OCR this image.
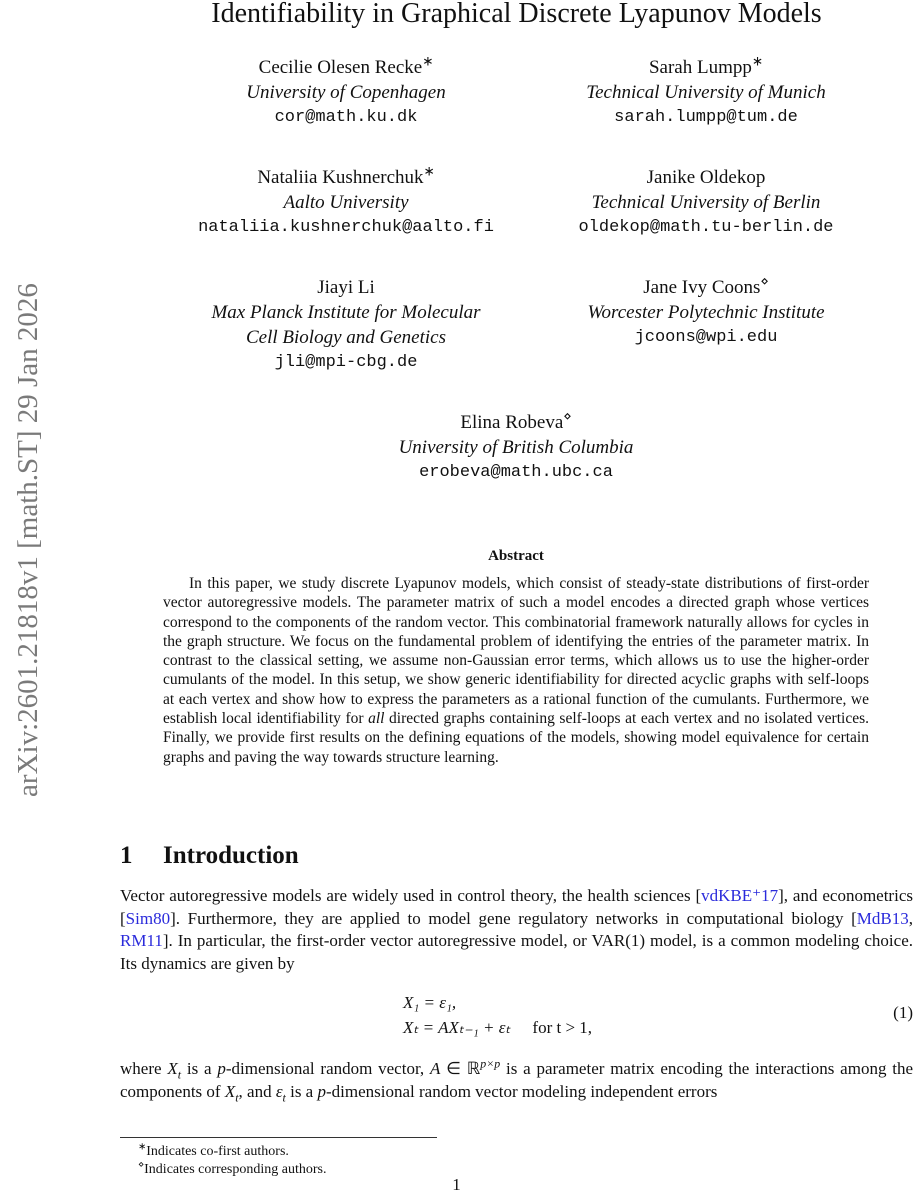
arXiv:2601.21818v1 [math.ST] 29 Jan 2026
Identifiability in Graphical Discrete Lyapunov Models
Cecilie Olesen Recke∗
University of Copenhagen
cor@math.ku.dk
Sarah Lumpp∗
Technical University of Munich
sarah.lumpp@tum.de
Nataliia Kushnerchuk∗
Aalto University
nataliia.kushnerchuk@aalto.fi
Janike Oldekop
Technical University of Berlin
oldekop@math.tu-berlin.de
Jiayi Li
Max Planck Institute for Molecular
Cell Biology and Genetics
jli@mpi-cbg.de
Jane Ivy Coons⋄
Worcester Polytechnic Institute
jcoons@wpi.edu
Elina Robeva⋄
University of British Columbia
erobeva@math.ubc.ca
Abstract
In this paper, we study discrete Lyapunov models, which consist of steady-state distributions of first-order vector autoregressive models. The parameter matrix of such a model encodes a directed graph whose vertices correspond to the components of the random vector. This combinatorial framework naturally allows for cycles in the graph structure. We focus on the fundamental problem of identifying the entries of the parameter matrix. In contrast to the classical setting, we assume non-Gaussian error terms, which allows us to use the higher-order cumulants of the model. In this setup, we show generic identifiability for directed acyclic graphs with self-loops at each vertex and show how to express the parameters as a rational function of the cumulants. Furthermore, we establish local identifiability for all directed graphs containing self-loops at each vertex and no isolated vertices. Finally, we provide first results on the defining equations of the models, showing model equivalence for certain graphs and paving the way towards structure learning.
1 Introduction
Vector autoregressive models are widely used in control theory, the health sciences [vdKBE⁺17], and econometrics [Sim80]. Furthermore, they are applied to model gene regulatory networks in computational biology [MdB13, RM11]. In particular, the first-order vector autoregressive model, or VAR(1) model, is a common modeling choice. Its dynamics are given by
X₁ = ε₁,
Xₜ = AXₜ₋₁ + εₜ for t > 1,
(1)
where $X_t$ is a p-dimensional random vector, A ∈ ℝ$^{p\times p}$ is a parameter matrix encoding the interactions among the components of $X_t$, and $\varepsilon_t$ is a p-dimensional random vector modeling independent errors
∗Indicates co-first authors.
⋄Indicates corresponding authors.
1
